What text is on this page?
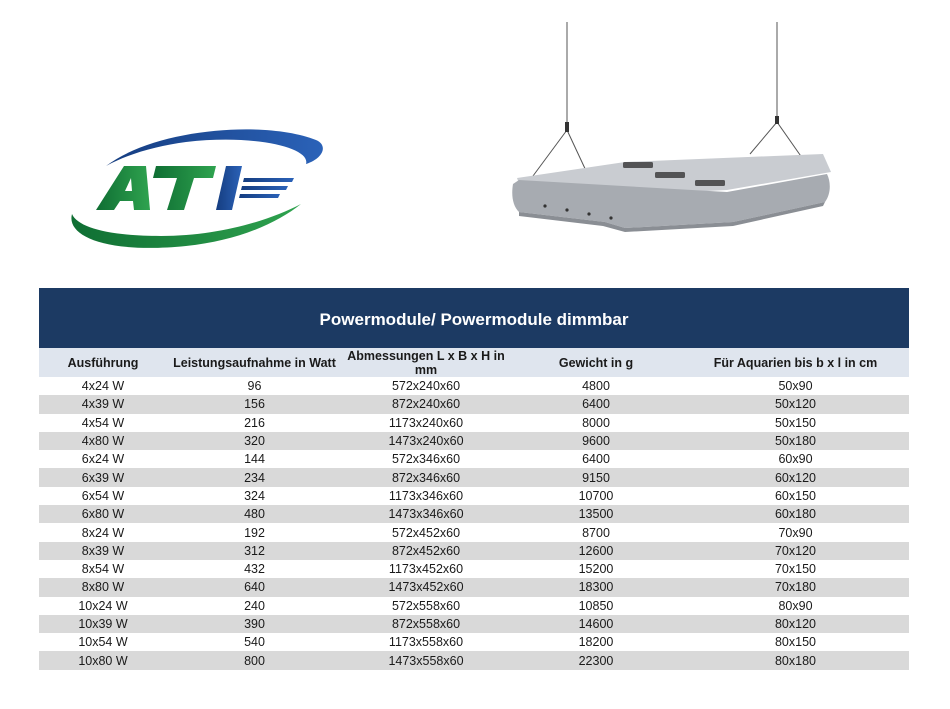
Powermodule/ Powermodule dimmbar
Ausführung	Leistungsaufnahme in Watt	Abmessungen L x B x H in mm	Gewicht in g	Für Aquarien bis b x l in cm
4x24 W	96	572x240x60	4800	50x90
4x39 W	156	872x240x60	6400	50x120
4x54 W	216	1173x240x60	8000	50x150
4x80 W	320	1473x240x60	9600	50x180
6x24 W	144	572x346x60	6400	60x90
6x39 W	234	872x346x60	9150	60x120
6x54 W	324	1173x346x60	10700	60x150
6x80 W	480	1473x346x60	13500	60x180
8x24 W	192	572x452x60	8700	70x90
8x39 W	312	872x452x60	12600	70x120
8x54 W	432	1173x452x60	15200	70x150
8x80 W	640	1473x452x60	18300	70x180
10x24 W	240	572x558x60	10850	80x90
10x39 W	390	872x558x60	14600	80x120
10x54 W	540	1173x558x60	18200	80x150
10x80 W	800	1473x558x60	22300	80x180
